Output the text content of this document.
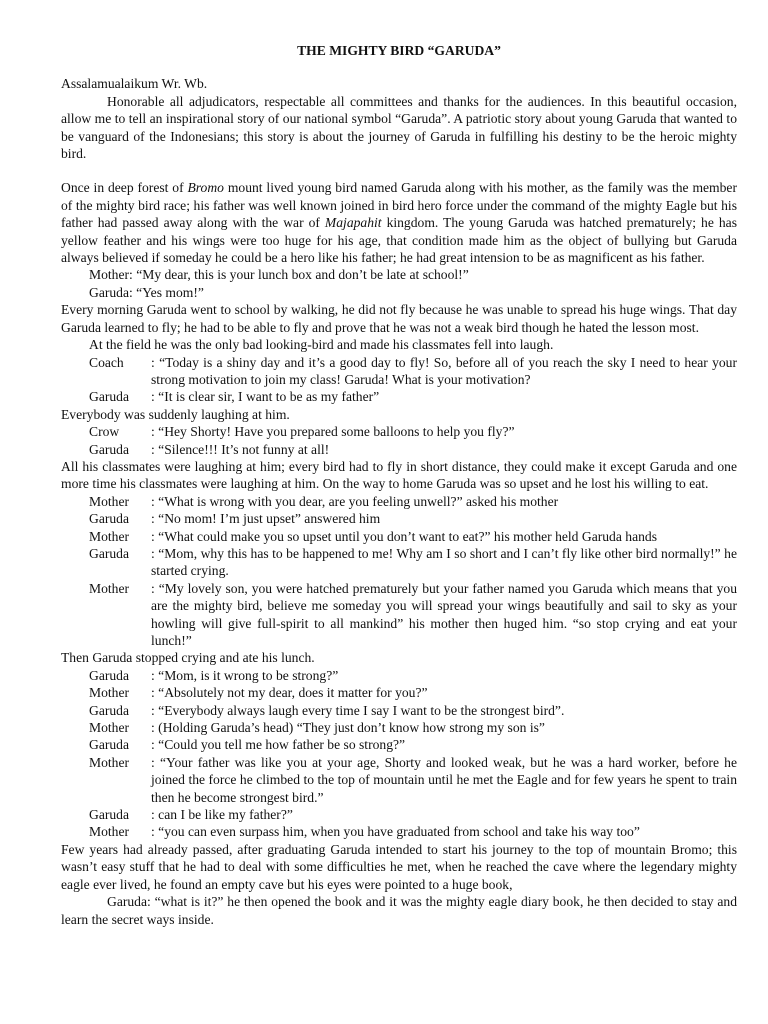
THE MIGHTY BIRD “GARUDA”

Assalamualaikum Wr. Wb.

Honorable all adjudicators, respectable all committees and thanks for the audiences. In this beautiful occasion, allow me to tell an inspirational story of our national symbol “Garuda”. A patriotic story about young Garuda that wanted to be vanguard of the Indonesians; this story is about the journey of Garuda in fulfilling his destiny to be the heroic mighty bird.

Once in deep forest of Bromo mount lived young bird named Garuda along with his mother, as the family was the member of the mighty bird race; his father was well known joined in bird hero force under the command of the mighty Eagle but his father had passed away along with the war of Majapahit kingdom. The young Garuda was hatched prematurely; he has yellow feather and his wings were too huge for his age, that condition made him as the object of bullying but Garuda always believed if someday he could be a hero like his father; he had great intension to be as magnificent as his father.

Mother: “My dear, this is your lunch box and don’t be late at school!”

Garuda: “Yes mom!”

Every morning Garuda went to school by walking, he did not fly because he was unable to spread his huge wings. That day Garuda learned to fly; he had to be able to fly and prove that he was not a weak bird though he hated the lesson most.

At the field he was the only bad looking-bird and made his classmates fell into laugh.

Coach	: “Today is a shiny day and it’s a good day to fly! So, before all of you reach the sky I need to hear your strong motivation to join my class! Garuda! What is your motivation?
Garuda	: “It is clear sir, I want to be as my father”

Everybody was suddenly laughing at him.

Crow	: “Hey Shorty! Have you prepared some balloons to help you fly?”
Garuda	: “Silence!!! It’s not funny at all!

All his classmates were laughing at him; every bird had to fly in short distance, they could make it except Garuda and one more time his classmates were laughing at him. On the way to home Garuda was so upset and he lost his willing to eat.

Mother	: “What is wrong with you dear, are you feeling unwell?” asked his mother
Garuda	: “No mom! I’m just upset” answered him
Mother	: “What could make you so upset until you don’t want to eat?” his mother held Garuda hands
Garuda	: “Mom, why this has to be happened to me! Why am I so short and I can’t fly like other bird normally!” he started crying.
Mother	: “My lovely son, you were hatched prematurely but your father named you Garuda which means that you are the mighty bird, believe me someday you will spread your wings beautifully and sail to sky as your howling will give full-spirit to all mankind” his mother then huged him. “so stop crying and eat your lunch!”

Then Garuda stopped crying and ate his lunch.

Garuda	: “Mom, is it wrong to be strong?”
Mother	: “Absolutely not my dear, does it matter for you?”
Garuda	: “Everybody always laugh every time I say I want to be the strongest bird”.
Mother	: (Holding Garuda’s head) “They just don’t know how strong my son is”
Garuda	: “Could you tell me how father be so strong?”
Mother	: “Your father was like you at your age, Shorty and looked weak, but he was a hard worker, before he joined the force he climbed to the top of mountain until he met the Eagle and for few years he spent to train then he become strongest bird.”
Garuda	: can I be like my father?”
Mother	: “you can even surpass him, when you have graduated from school and take his way too”

Few years had already passed, after graduating Garuda intended to start his journey to the top of mountain Bromo; this wasn’t easy stuff that he had to deal with some difficulties he met, when he reached the cave where the legendary mighty eagle ever lived, he found an empty cave but his eyes were pointed to a huge book,

Garuda: “what is it?” he then opened the book and it was the mighty eagle diary book, he then decided to stay and learn the secret ways inside.
